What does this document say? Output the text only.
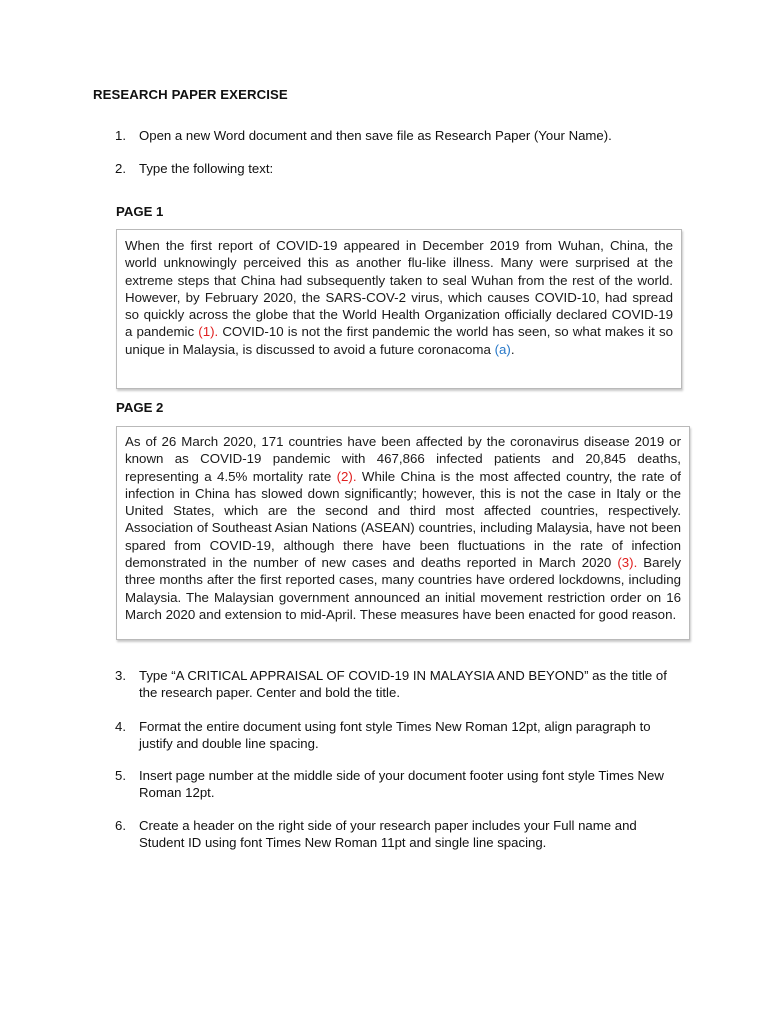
RESEARCH PAPER EXERCISE
1. Open a new Word document and then save file as Research Paper (Your Name).
2. Type the following text:
PAGE 1

When the first report of COVID-19 appeared in December 2019 from Wuhan, China, the world unknowingly perceived this as another flu-like illness. Many were surprised at the extreme steps that China had subsequently taken to seal Wuhan from the rest of the world. However, by February 2020, the SARS-COV-2 virus, which causes COVID-10, had spread so quickly across the globe that the World Health Organization officially declared COVID-19 a pandemic (1). COVID-10 is not the first pandemic the world has seen, so what makes it so unique in Malaysia, is discussed to avoid a future coronacoma (a).

PAGE 2

As of 26 March 2020, 171 countries have been affected by the coronavirus disease 2019 or known as COVID-19 pandemic with 467,866 infected patients and 20,845 deaths, representing a 4.5% mortality rate (2). While China is the most affected country, the rate of infection in China has slowed down significantly; however, this is not the case in Italy or the United States, which are the second and third most affected countries, respectively. Association of Southeast Asian Nations (ASEAN) countries, including Malaysia, have not been spared from COVID-19, although there have been fluctuations in the rate of infection demonstrated in the number of new cases and deaths reported in March 2020 (3). Barely three months after the first reported cases, many countries have ordered lockdowns, including Malaysia. The Malaysian government announced an initial movement restriction order on 16 March 2020 and extension to mid-April. These measures have been enacted for good reason.

3. Type “A CRITICAL APPRAISAL OF COVID-19 IN MALAYSIA AND BEYOND” as the title of the research paper. Center and bold the title.
4. Format the entire document using font style Times New Roman 12pt, align paragraph to justify and double line spacing.
5. Insert page number at the middle side of your document footer using font style Times New Roman 12pt.
6. Create a header on the right side of your research paper includes your Full name and Student ID using font Times New Roman 11pt and single line spacing.
